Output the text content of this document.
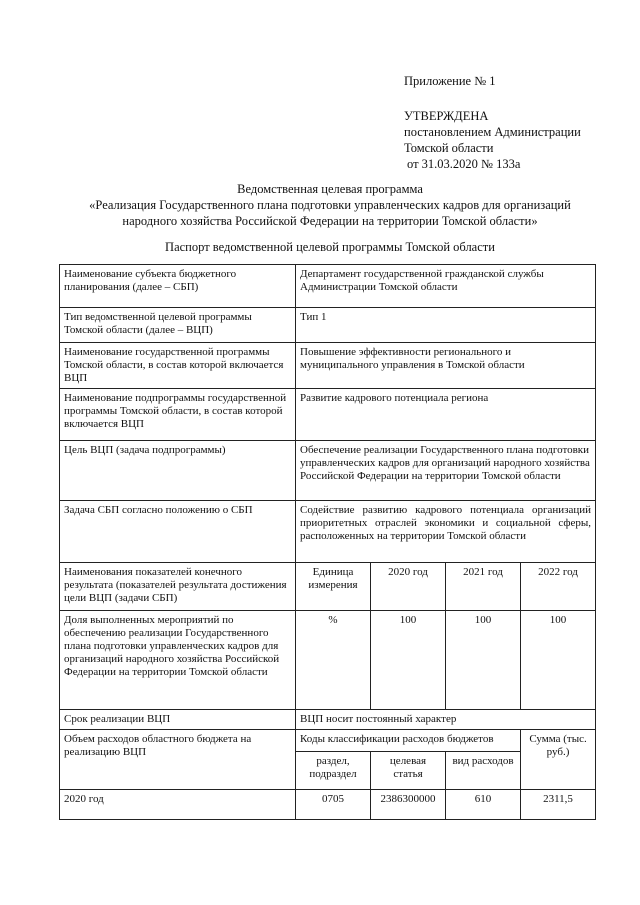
Приложение № 1
УТВЕРЖДЕНА
постановлением Администрации
Томской области
от 31.03.2020 № 133а
Ведомственная целевая программа
«Реализация Государственного плана подготовки управленческих кадров для организаций
народного хозяйства Российской Федерации на территории Томской области»
Паспорт ведомственной целевой программы Томской области
Наименование субъекта бюджетного планирования (далее – СБП)	Департамент государственной гражданской службы Администрации Томской области			
Тип ведомственной целевой программы Томской области (далее – ВЦП)	Тип 1			
Наименование государственной программы Томской области, в состав которой включается ВЦП	Повышение эффективности регионального и муниципального управления в Томской области			
Наименование подпрограммы государственной программы Томской области, в состав которой включается ВЦП	Развитие кадрового потенциала региона			
Цель ВЦП (задача подпрограммы)	Обеспечение реализации Государственного плана подготовки управленческих кадров для организаций народного хозяйства Российской Федерации на территории Томской области			
Задача СБП согласно положению о СБП	Содействие развитию кадрового потенциала организаций приоритетных отраслей экономики и социальной сферы, расположенных на территории Томской области			
Наименования показателей конечного результата (показателей результата достижения цели ВЦП (задачи СБП)	Единица измерения	2020 год	2021 год	2022 год
Доля выполненных мероприятий по обеспечению реализации Государственного плана подготовки управленческих кадров для организаций народного хозяйства Российской Федерации на территории Томской области	%	100	100	100
Срок реализации ВЦП	ВЦП носит постоянный характер			
Объем расходов областного бюджета на реализацию ВЦП	Коды классификации расходов бюджетов			Сумма (тыс. руб.)
	раздел, подраздел	целевая статья	вид расходов	
2020 год	0705	2386300000	610	2311,5
